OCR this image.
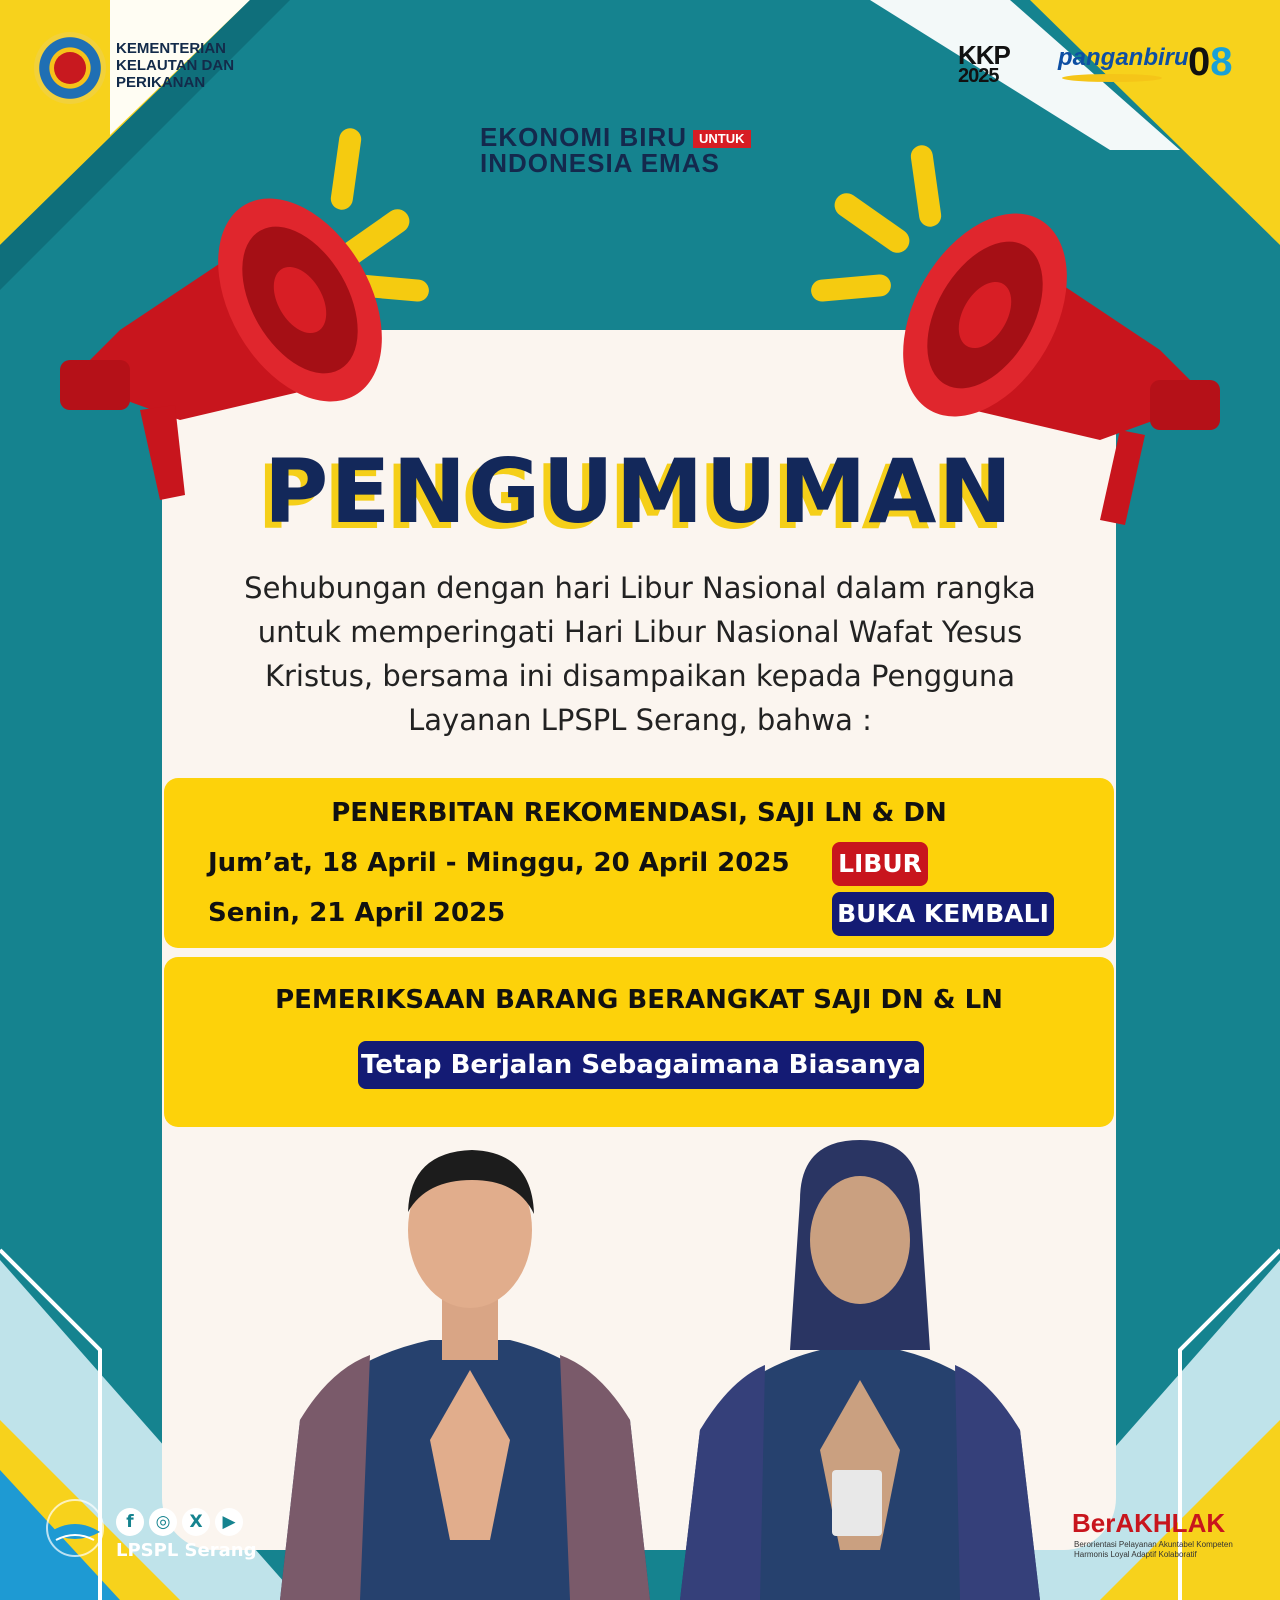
KEMENTERIAN
KELAUTAN DAN
PERIKANAN
KKP
2025
panganbiru 08
EKONOMI BIRU UNTUK
INDONESIA EMAS
PENGUMUMAN
Sehubungan dengan hari Libur Nasional dalam rangka
untuk memperingati Hari Libur Nasional Wafat Yesus
Kristus, bersama ini disampaikan kepada Pengguna
Layanan LPSPL Serang, bahwa :
PENERBITAN REKOMENDASI, SAJI LN & DN
Jum’at, 18 April - Minggu, 20 April 2025 LIBUR
Senin, 21 April 2025	BUKA KEMBALI
PEMERIKSAAN BARANG BERANGKAT SAJI DN & LN
Tetap Berjalan Sebagaimana Biasanya
f ◎ X ▶
LPSPL Serang
BerAKHLAK
Berorientasi Pelayanan Akuntabel Kompeten Harmonis Loyal Adaptif Kolaboratif
